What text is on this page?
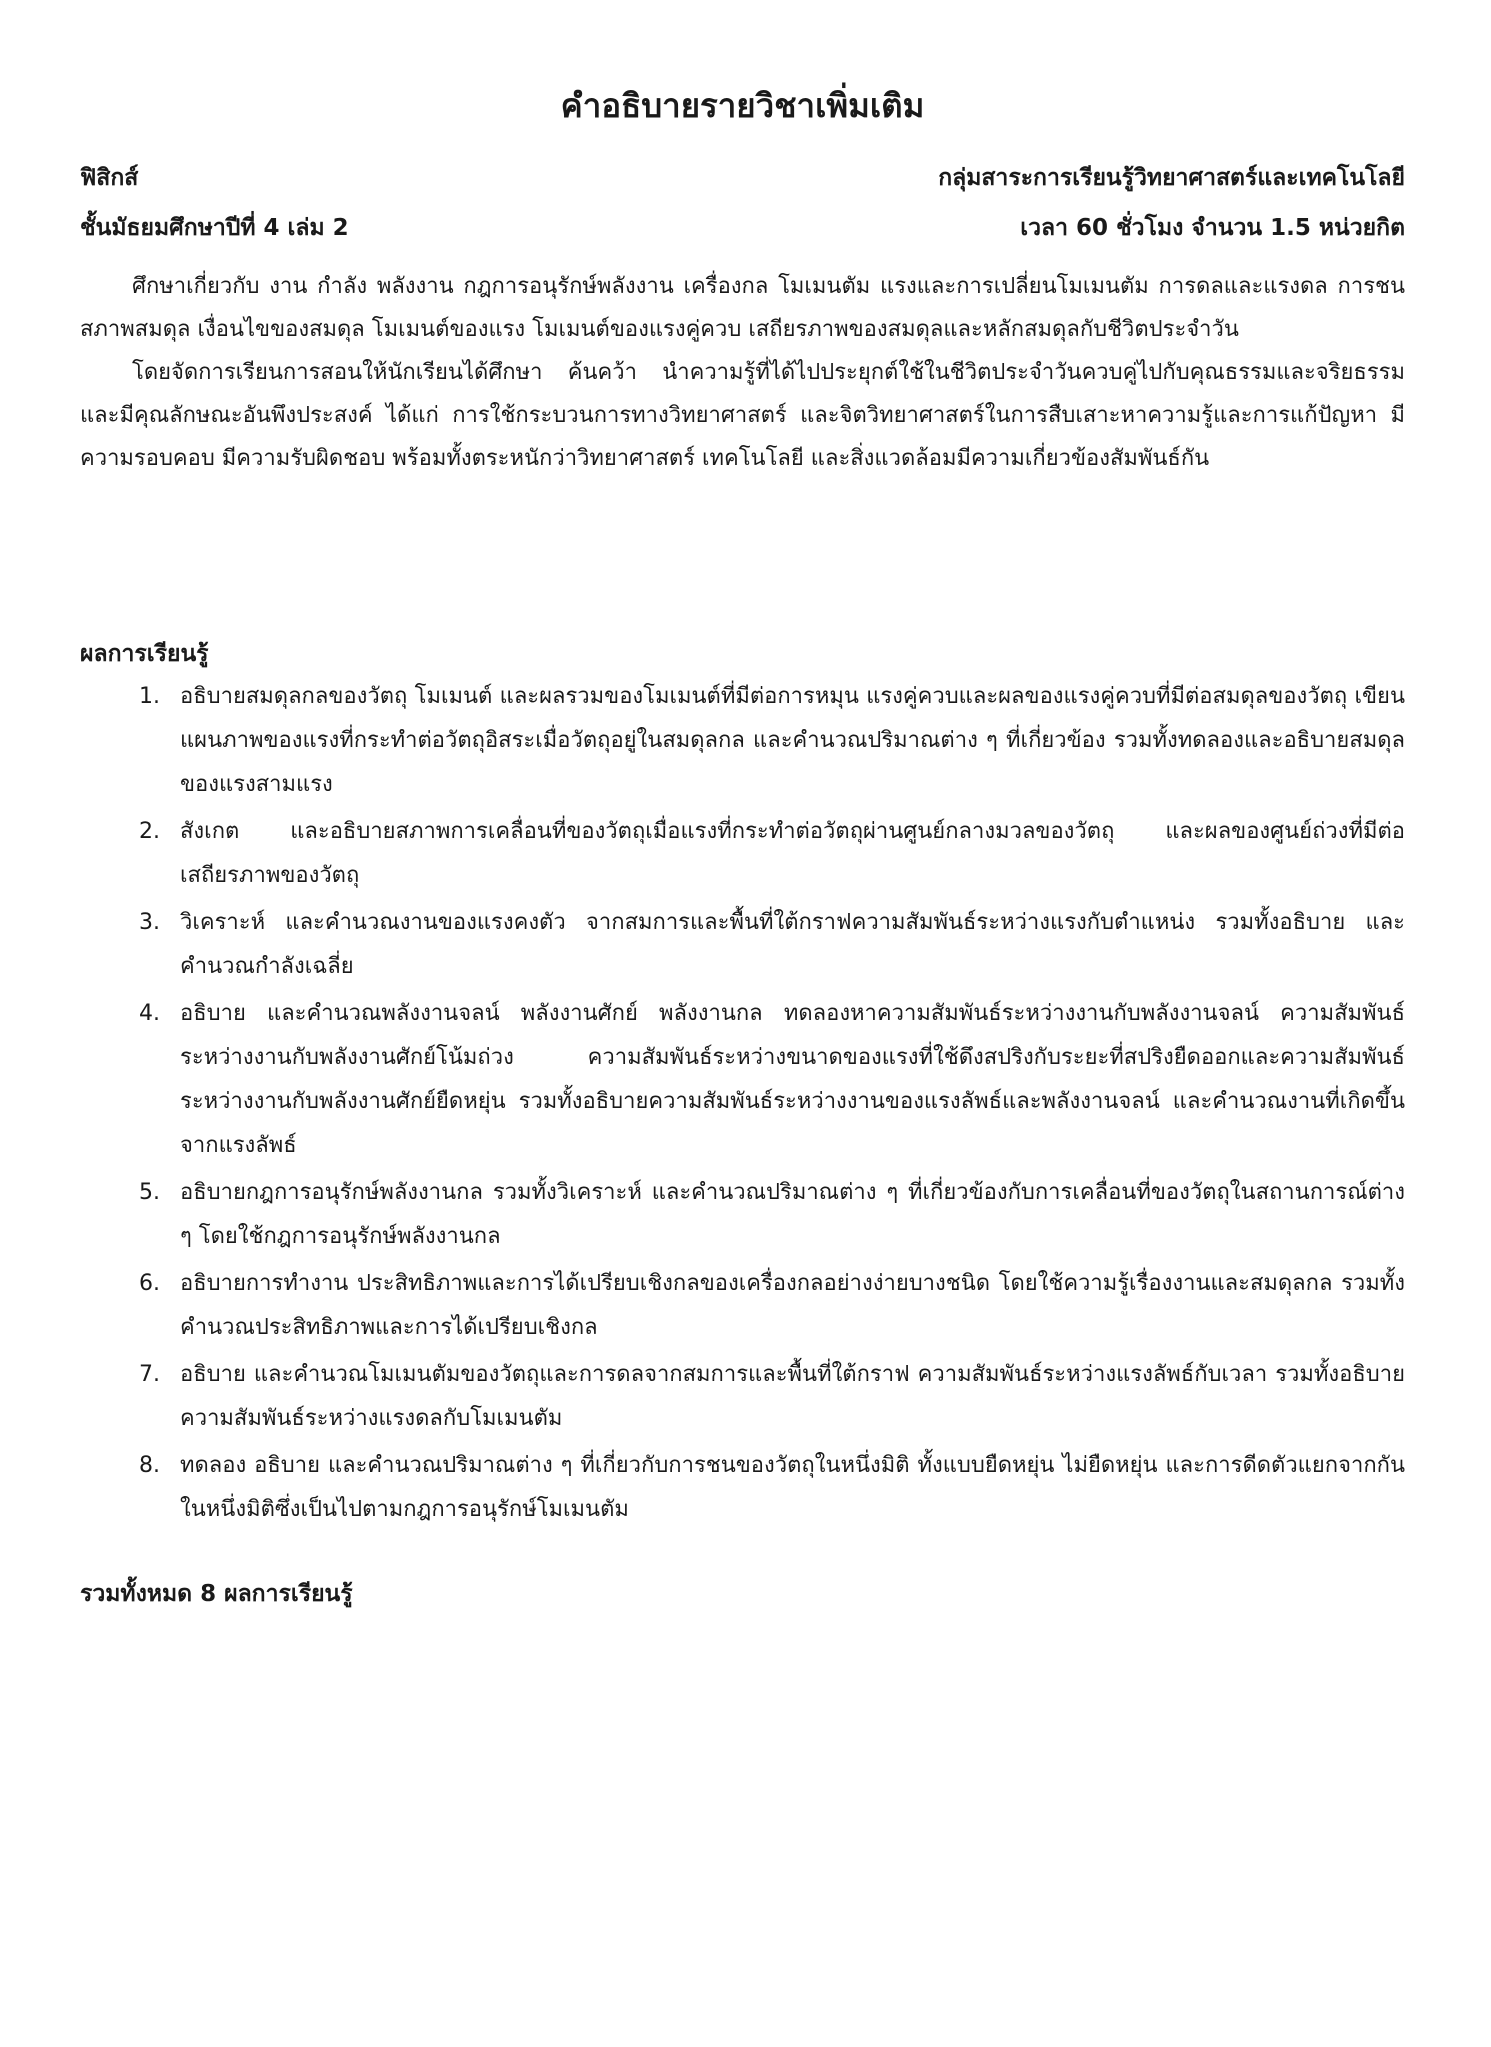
คำอธิบายรายวิชาเพิ่มเติม
ฟิสิกส์	กลุ่มสาระการเรียนรู้วิทยาศาสตร์และเทคโนโลยี
ชั้นมัธยมศึกษาปีที่ 4 เล่ม 2	เวลา 60 ชั่วโมง จำนวน 1.5 หน่วยกิต

ศึกษาเกี่ยวกับ งาน กำลัง พลังงาน กฎการอนุรักษ์พลังงาน เครื่องกล โมเมนตัม แรงและการเปลี่ยนโมเมนตัม การดลและแรงดล การชน สภาพสมดุล เงื่อนไขของสมดุล โมเมนต์ของแรง โมเมนต์ของแรงคู่ควบ เสถียรภาพของสมดุลและหลักสมดุลกับชีวิตประจำวัน

โดยจัดการเรียนการสอนให้นักเรียนได้ศึกษา ค้นคว้า นำความรู้ที่ได้ไปประยุกต์ใช้ในชีวิตประจำวันควบคู่ไปกับคุณธรรมและจริยธรรม และมีคุณลักษณะอันพึงประสงค์ ได้แก่ การใช้กระบวนการทางวิทยาศาสตร์ และจิตวิทยาศาสตร์ในการสืบเสาะหาความรู้และการแก้ปัญหา มีความรอบคอบ มีความรับผิดชอบ พร้อมทั้งตระหนักว่าวิทยาศาสตร์ เทคโนโลยี และสิ่งแวดล้อมมีความเกี่ยวข้องสัมพันธ์กัน

ผลการเรียนรู้
1. อธิบายสมดุลกลของวัตถุ โมเมนต์ และผลรวมของโมเมนต์ที่มีต่อการหมุน แรงคู่ควบและผลของแรงคู่ควบที่มีต่อสมดุลของวัตถุ เขียนแผนภาพของแรงที่กระทำต่อวัตถุอิสระเมื่อวัตถุอยู่ในสมดุลกล และคำนวณปริมาณต่าง ๆ ที่เกี่ยวข้อง รวมทั้งทดลองและอธิบายสมดุลของแรงสามแรง
2. สังเกต และอธิบายสภาพการเคลื่อนที่ของวัตถุเมื่อแรงที่กระทำต่อวัตถุผ่านศูนย์กลางมวลของวัตถุ และผลของศูนย์ถ่วงที่มีต่อเสถียรภาพของวัตถุ
3. วิเคราะห์ และคำนวณงานของแรงคงตัว จากสมการและพื้นที่ใต้กราฟความสัมพันธ์ระหว่างแรงกับตำแหน่ง รวมทั้งอธิบาย และคำนวณกำลังเฉลี่ย
4. อธิบาย และคำนวณพลังงานจลน์ พลังงานศักย์ พลังงานกล ทดลองหาความสัมพันธ์ระหว่างงานกับพลังงานจลน์ ความสัมพันธ์ระหว่างงานกับพลังงานศักย์โน้มถ่วง ความสัมพันธ์ระหว่างขนาดของแรงที่ใช้ดึงสปริงกับระยะที่สปริงยืดออกและความสัมพันธ์ระหว่างงานกับพลังงานศักย์ยืดหยุ่น รวมทั้งอธิบายความสัมพันธ์ระหว่างงานของแรงลัพธ์และพลังงานจลน์ และคำนวณงานที่เกิดขึ้นจากแรงลัพธ์
5. อธิบายกฎการอนุรักษ์พลังงานกล รวมทั้งวิเคราะห์ และคำนวณปริมาณต่าง ๆ ที่เกี่ยวข้องกับการเคลื่อนที่ของวัตถุในสถานการณ์ต่าง ๆ โดยใช้กฎการอนุรักษ์พลังงานกล
6. อธิบายการทำงาน ประสิทธิภาพและการได้เปรียบเชิงกลของเครื่องกลอย่างง่ายบางชนิด โดยใช้ความรู้เรื่องงานและสมดุลกล รวมทั้งคำนวณประสิทธิภาพและการได้เปรียบเชิงกล
7. อธิบาย และคำนวณโมเมนตัมของวัตถุและการดลจากสมการและพื้นที่ใต้กราฟ ความสัมพันธ์ระหว่างแรงลัพธ์กับเวลา รวมทั้งอธิบายความสัมพันธ์ระหว่างแรงดลกับโมเมนตัม
8. ทดลอง อธิบาย และคำนวณปริมาณต่าง ๆ ที่เกี่ยวกับการชนของวัตถุในหนึ่งมิติ ทั้งแบบยืดหยุ่น ไม่ยืดหยุ่น และการดีดตัวแยกจากกันในหนึ่งมิติซึ่งเป็นไปตามกฎการอนุรักษ์โมเมนตัม
รวมทั้งหมด 8 ผลการเรียนรู้
